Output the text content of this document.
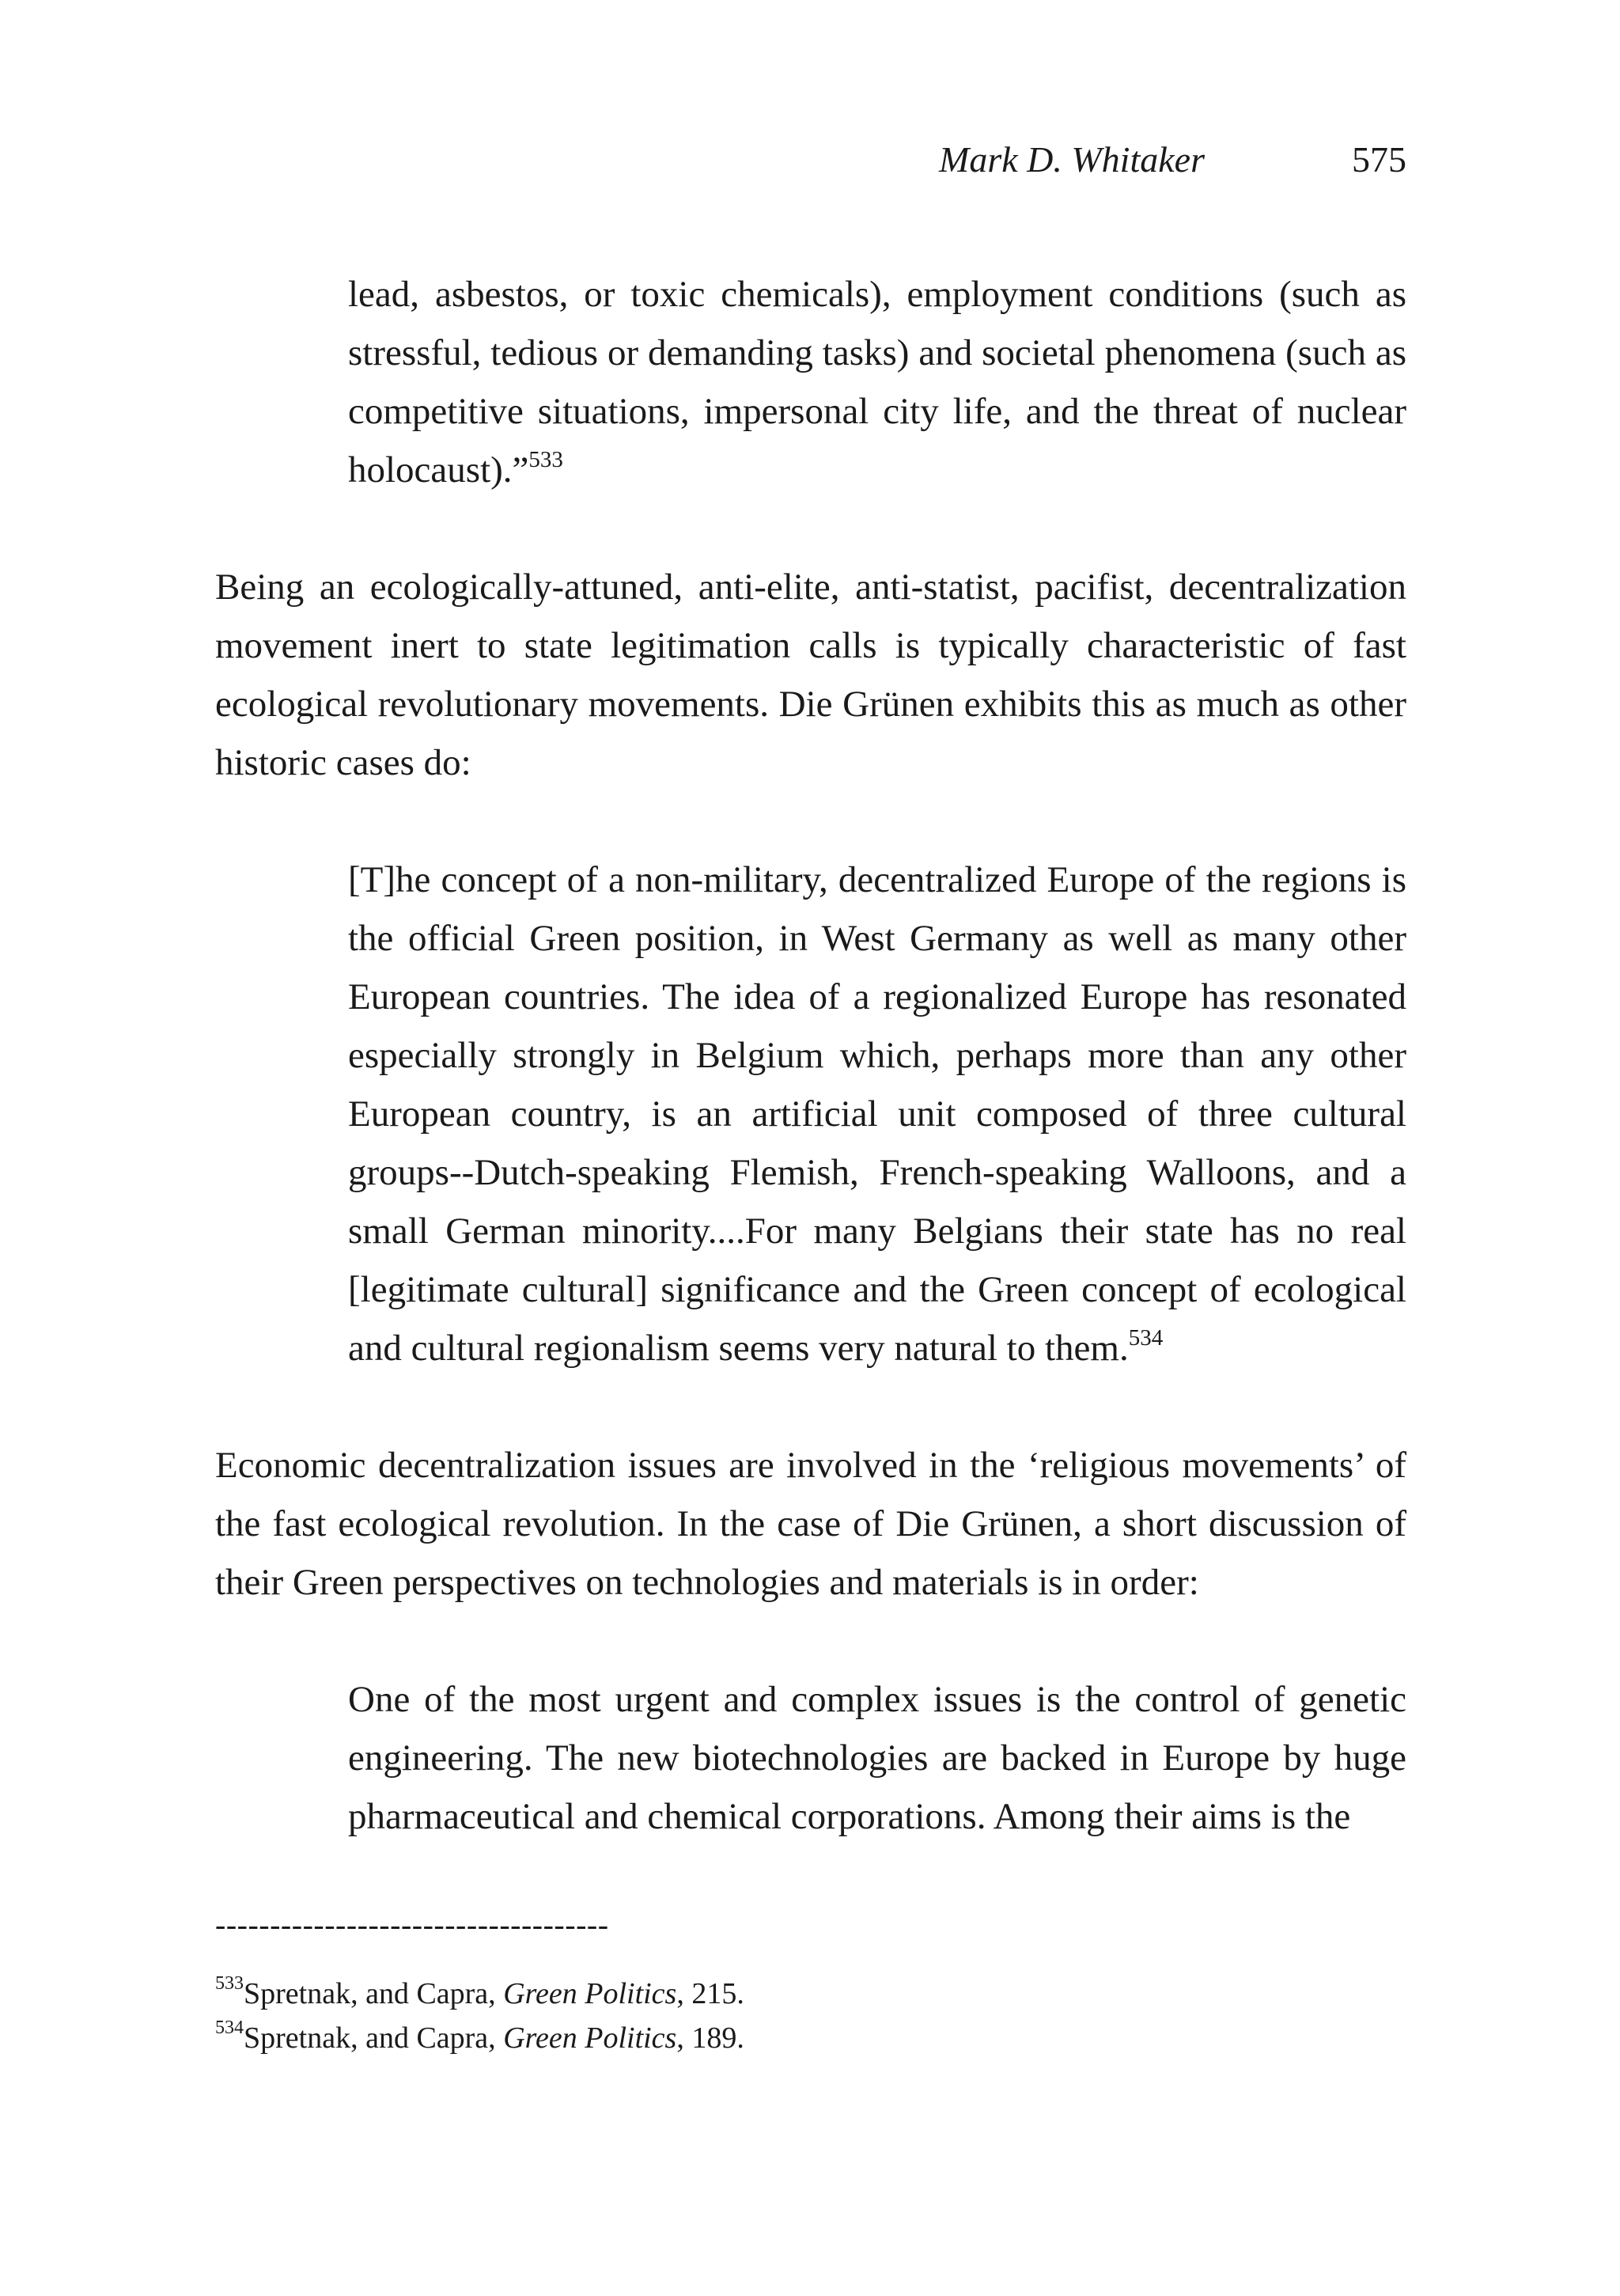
Mark D. Whitaker	575

lead, asbestos, or toxic chemicals), employment conditions (such as stressful, tedious or demanding tasks) and societal phenomena (such as competitive situations, impersonal city life, and the threat of nuclear holocaust).”$^{533}$

Being an ecologically-attuned, anti-elite, anti-statist, pacifist, decentralization movement inert to state legitimation calls is typically characteristic of fast ecological revolutionary movements. Die Grünen exhibits this as much as other historic cases do:

[T]he concept of a non-military, decentralized Europe of the regions is the official Green position, in West Germany as well as many other European countries. The idea of a regionalized Europe has resonated especially strongly in Belgium which, perhaps more than any other European country, is an artificial unit composed of three cultural groups--Dutch-speaking Flemish, French-speaking Walloons, and a small German minority....For many Belgians their state has no real [legitimate cultural] significance and the Green concept of ecological and cultural regionalism seems very natural to them.$^{534}$

Economic decentralization issues are involved in the ‘religious movements’ of the fast ecological revolution. In the case of Die Grünen, a short discussion of their Green perspectives on technologies and materials is in order:

One of the most urgent and complex issues is the control of genetic engineering. The new biotechnologies are backed in Europe by huge pharmaceutical and chemical corporations. Among their aims is the

------------------------------------
$^{533}$Spretnak, and Capra, Green Politics, 215.
$^{534}$Spretnak, and Capra, Green Politics, 189.
